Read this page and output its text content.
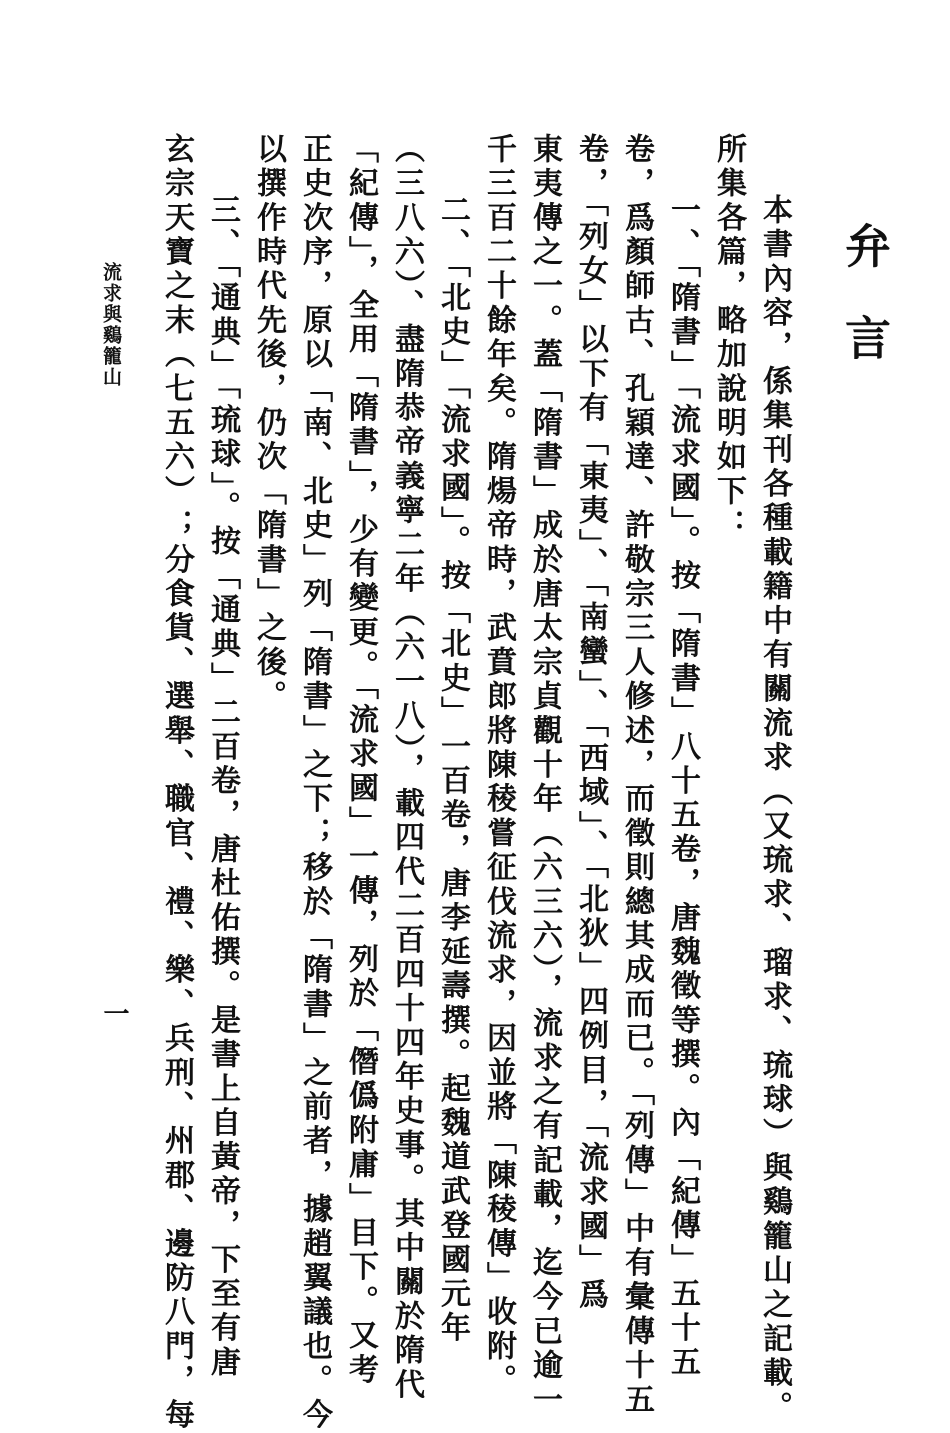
弁言
本書內容，係集刊各種載籍中有關流求（又琉求、瑠求、琉球）與鷄籠山之記載。
所集各篇，略加說明如下：
一、「隋書」「流求國」。按「隋書」八十五卷，唐魏徵等撰。內「紀傳」五十五
卷，爲顏師古、孔穎達、許敬宗三人修述，而徵則總其成而已。「列傳」中有彙傳十五
卷，「列女」以下有「東夷」、「南蠻」、「西域」、「北狄」四例目，「流求國」爲
東夷傳之一。蓋「隋書」成於唐太宗貞觀十年（六三六），流求之有記載，迄今已逾一
千三百二十餘年矣。隋煬帝時，武賁郎將陳稜嘗征伐流求，因並將「陳稜傳」收附。
二、「北史」「流求國」。按「北史」一百卷，唐李延壽撰。起魏道武登國元年
（三八六）、盡隋恭帝義寧二年（六一八），載四代二百四十四年史事。其中關於隋代
「紀傳」，全用「隋書」，少有變更。「流求國」一傳，列於「僭僞附庸」目下。又考
正史次序，原以「南、北史」列「隋書」之下；移於「隋書」之前者，據趙翼議也。今
以撰作時代先後，仍次「隋書」之後。
三、「通典」「琉球」。按「通典」二百卷，唐杜佑撰。是書上自黃帝，下至有唐
玄宗天寶之末（七五六）；分食貨、選舉、職官、禮、樂、兵刑、州郡、邊防八門，每
流求與鷄籠山
一
